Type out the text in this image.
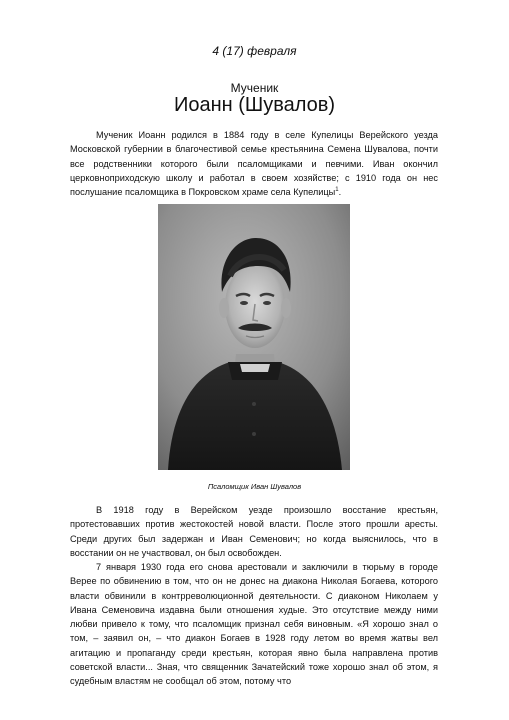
4 (17) февраля
Мученик
Иоанн (Шувалов)

Мученик Иоанн родился в 1884 году в селе Купелицы Верейского уезда Московской губернии в благочестивой семье крестьянина Семена Шувалова, почти все родственники которого были псаломщиками и певчими. Иван окончил церковноприходскую школу и работал в своем хозяйстве; с 1910 года он нес послушание псаломщика в Покровском храме села Купелицы$^1$.

Псаломщик Иван Шувалов

В 1918 году в Верейском уезде произошло восстание крестьян, протестовавших против жестокостей новой власти. После этого прошли аресты. Среди других был задержан и Иван Семенович; но когда выяснилось, что в восстании он не участвовал, он был освобожден.

7 января 1930 года его снова арестовали и заключили в тюрьму в городе Верее по обвинению в том, что он не донес на диакона Николая Богаева, которого власти обвинили в контрреволюционной деятельности. С диаконом Николаем у Ивана Семеновича издавна были отношения худые. Это отсутствие между ними любви привело к тому, что псаломщик признал себя виновным. «Я хорошо знал о том, – заявил он, – что диакон Богаев в 1928 году летом во время жатвы вел агитацию и пропаганду среди крестьян, которая явно была направлена против советской власти... Зная, что священник Зачатейский тоже хорошо знал об этом, я судебным властям не сообщал об этом, потому что
